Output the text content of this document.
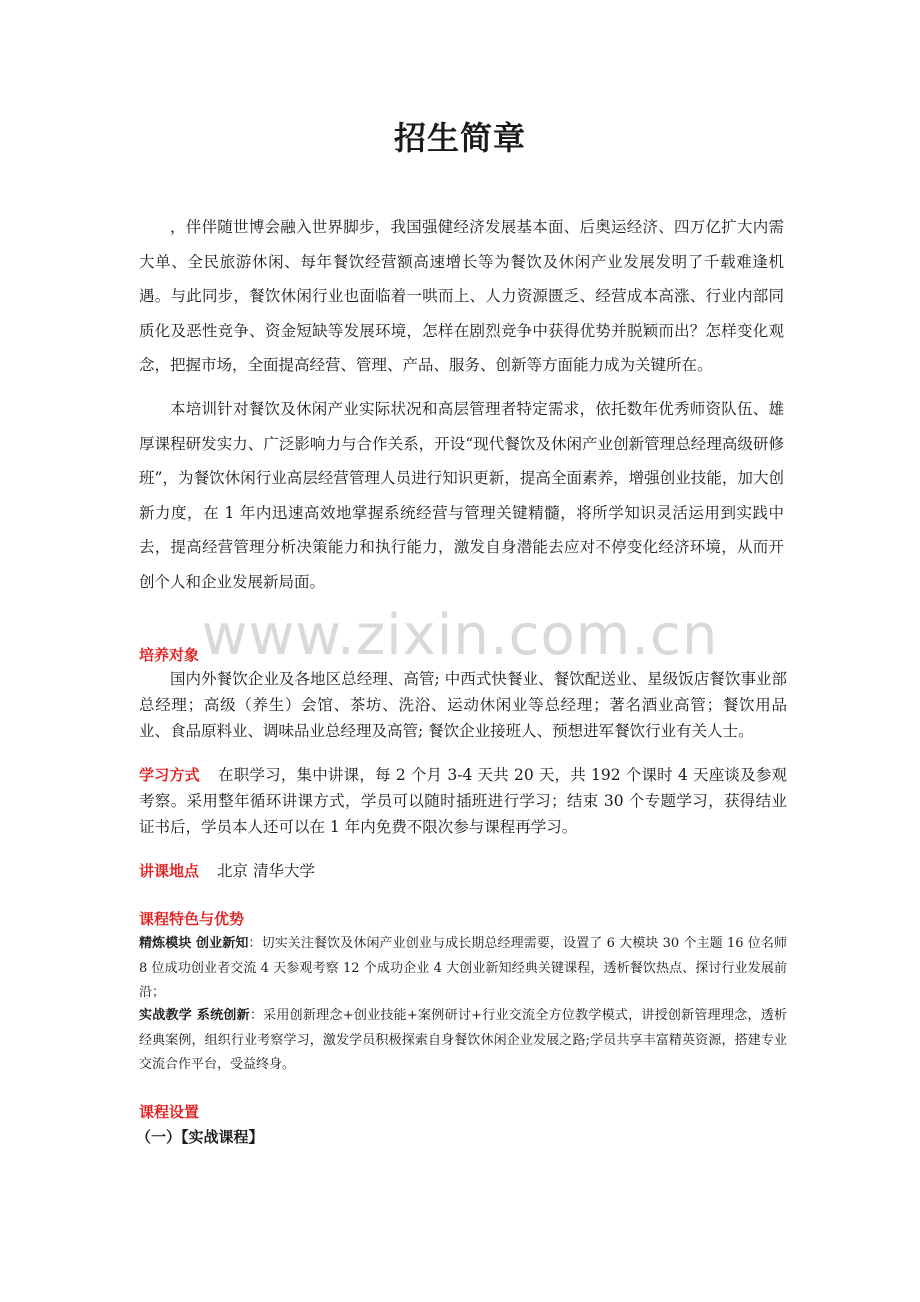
招生简章

，伴伴随世博会融入世界脚步，我国强健经济发展基本面、后奥运经济、四万亿扩大内需大单、全民旅游休闲、每年餐饮经营额高速增长等为餐饮及休闲产业发展发明了千载难逢机遇。与此同步，餐饮休闲行业也面临着一哄而上、人力资源匮乏、经营成本高涨、行业内部同质化及恶性竞争、资金短缺等发展环境，怎样在剧烈竞争中获得优势并脱颖而出？怎样变化观念，把握市场，全面提高经营、管理、产品、服务、创新等方面能力成为关键所在。

本培训针对餐饮及休闲产业实际状况和高层管理者特定需求，依托数年优秀师资队伍、雄厚课程研发实力、广泛影响力与合作关系，开设“现代餐饮及休闲产业创新管理总经理高级研修班”，为餐饮休闲行业高层经营管理人员进行知识更新，提高全面素养，增强创业技能，加大创新力度，在 1 年内迅速高效地掌握系统经营与管理关键精髓，将所学知识灵活运用到实践中去，提高经营管理分析决策能力和执行能力，激发自身潜能去应对不停变化经济环境，从而开创个人和企业发展新局面。

www.zixin.com.cn
培养对象

国内外餐饮企业及各地区总经理、高管; 中西式快餐业、餐饮配送业、星级饭店餐饮事业部总经理；高级（养生）会馆、茶坊、洗浴、运动休闲业等总经理；著名酒业高管；餐饮用品业、食品原料业、调味品业总经理及高管; 餐饮企业接班人、预想进军餐饮行业有关人士。

学习方式 在职学习，集中讲课，每 2 个月 3-4 天共 20 天，共 192 个课时 4 天座谈及参观考察。采用整年循环讲课方式，学员可以随时插班进行学习；结束 30 个专题学习，获得结业证书后，学员本人还可以在 1 年内免费不限次参与课程再学习。

讲课地点 北京 清华大学

课程特色与优势

精炼模块 创业新知：切实关注餐饮及休闲产业创业与成长期总经理需要，设置了 6 大模块 30 个主题 16 位名师 8 位成功创业者交流 4 天参观考察 12 个成功企业 4 大创业新知经典关键课程，透析餐饮热点、探讨行业发展前沿；

实战教学 系统创新：采用创新理念+创业技能+案例研讨+行业交流全方位教学模式，讲授创新管理理念，透析经典案例，组织行业考察学习，激发学员积极探索自身餐饮休闲企业发展之路;学员共享丰富精英资源，搭建专业交流合作平台，受益终身。

课程设置
（一）【实战课程】
